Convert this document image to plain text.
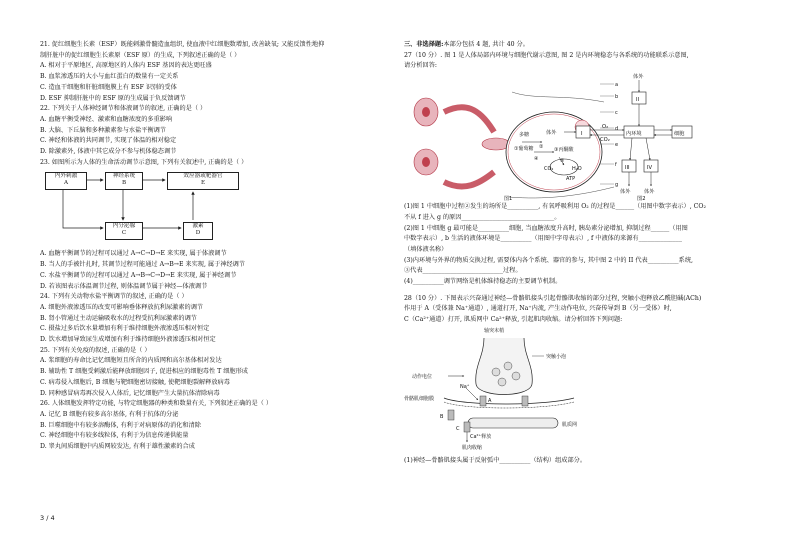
21. 促红细胞生长素（ESF）既能刺激骨髓造血组织, 使血液中红细胞数增加, 改善缺氧; 又能反馈性地抑

制肝脏中的促红细胞生长素原（ESF 原）的生成, 下列叙述正确的是（ ）

A. 相对于平原地区, 高原地区的人体内 ESF 基因的表达更旺盛

B. 血浆渗透压的大小与血红蛋白的数量有一定关系

C. 造血干细胞和肝脏细胞膜上有 ESF 识别的受体

D. ESF 抑制肝脏中的 ESF 原的生成属于负反馈调节

22. 下列关于人体神经调节和体液调节的叙述, 正确的是（ ）

A. 血糖平衡受神经、激素和血糖浓度的多重影响

B. 大脑、下丘脑和多种激素参与水盐平衡调节

C. 神经和体液的共同调节, 实现了体温的相对稳定

D. 除激素外, 体液中其它成分不参与机体稳态调节

23. 如图所示为人体的生命活动调节示意图, 下列有关叙述中, 正确的是（ ）

内外刺激
A
神经系统
B
效应器或靶器官
E
内分泌腺
C
激素
D

A. 血糖平衡调节的过程可以通过 A→C→D→E 来实现, 属于体液调节

B. 当人的手被针扎时, 其调节过程可能通过 A→B→E 来实现, 属于神经调节

C. 水盐平衡调节的过程可以通过 A→B→C→D→E 来实现, 属于神经调节

D. 若该图表示体温调节过程, 则体温调节属于神经—体液调节

24. 下列有关动物水盐平衡调节的叙述, 正确的是（ ）

A. 细胞外液渗透压的改变可影响垂体释放抗利尿激素的调节

B. 肾小管通过主动运输吸收水的过程受抗利尿激素的调节

C. 摄盐过多后饮水量增加有利于维持细胞外液渗透压相对恒定

D. 饮水增加导致尿生成增加有利于维持细胞外液渗透压相对恒定

25. 下列有关免疫的叙述, 正确的是（ ）

A. 浆细胞的寿命比记忆细胞短且所含的内质网和高尔基体相对发达

B. 辅助性 T 细胞受刺激后能释放细胞因子, 促进相应的细胞毒性 T 细胞形成

C. 病毒侵入细胞后, B 细胞与靶细胞密切接触, 使靶细胞裂解释放病毒

D. 同种感冒病毒再次侵入人体后, 记忆细胞产生大量抗体清除病毒

26. 人体细胞发挥特定功能, 与特定细胞器的种类和数量有关, 下列叙述正确的是（ ）

A. 记忆 B 细胞有较多高尔基体, 有利于抗体的分泌

B. 巨噬细胞中有较多溶酶体, 有利于对病原体的消化和清除

C. 神经细胞中有较多线粒体, 有利于为信息传递供能量

D. 睾丸间质细胞中内质网较发达, 有利于雄性激素的合成

三、非选择题:本部分包括 4 题, 共计 40 分。

27（10 分）. 图 1 是人体局部内环境与细胞代谢示意图, 图 2 是内环境稳态与各系统的功能联系示意图,

请分析回答:

a
b
c
d
e
f
g
多糖
①葡萄糖 ② ③丙酮酸
④	⑤
CO₂	H₂O
ATP
图1
体外
II
体外	I
O₂
CO₂
内环境	细胞
III	IV
体外	体外
图2

(1)图 1 中细胞中过程②发生的场所是__________, 有氧呼吸利用 O₂ 的过程是______（用图中数字表示）, CO₂

不从 f 进入 g 的原因______________________________。

(2)图 1 中细胞 g 最可能是__________细胞, 当血糖浓度升高时, 胰岛素分泌增加, 抑制过程______（用图

中数字表示）, b 生活的液体环境是__________（用图中字母表示）, f 中液体的来源有______________

（填体液名称）

(3)内环境与外界的物质交换过程, 需要体内各个系统、器官的参与, 其中图 2 中的 II 代表__________系统,

③代表__________________________过程。

(4)__________调节网络是机体维持稳态的主要调节机制。

28（10 分）. 下图表示兴奋通过神经—骨骼肌接头引起骨骼肌收缩的部分过程, 突触小泡释放乙酰胆碱(ACh)

作用于 A（受体兼 Na⁺通道）, 通道打开, Na⁺内流, 产生动作电位, 兴奋传导到 B（另一受体）时,

C（Ca²⁺通道）打开, 肌质网中 Ca²⁺释放, 引起肌肉收缩。请分析回答下列问题:

轴突末梢
突触小泡
动作电位
Na⁺
骨骼肌细胞膜	A
B
C
肌质网
Ca²⁺释放
肌肉收缩

(1)神经—骨骼肌接头属于反射弧中__________（结构）组成部分。

3 / 4
